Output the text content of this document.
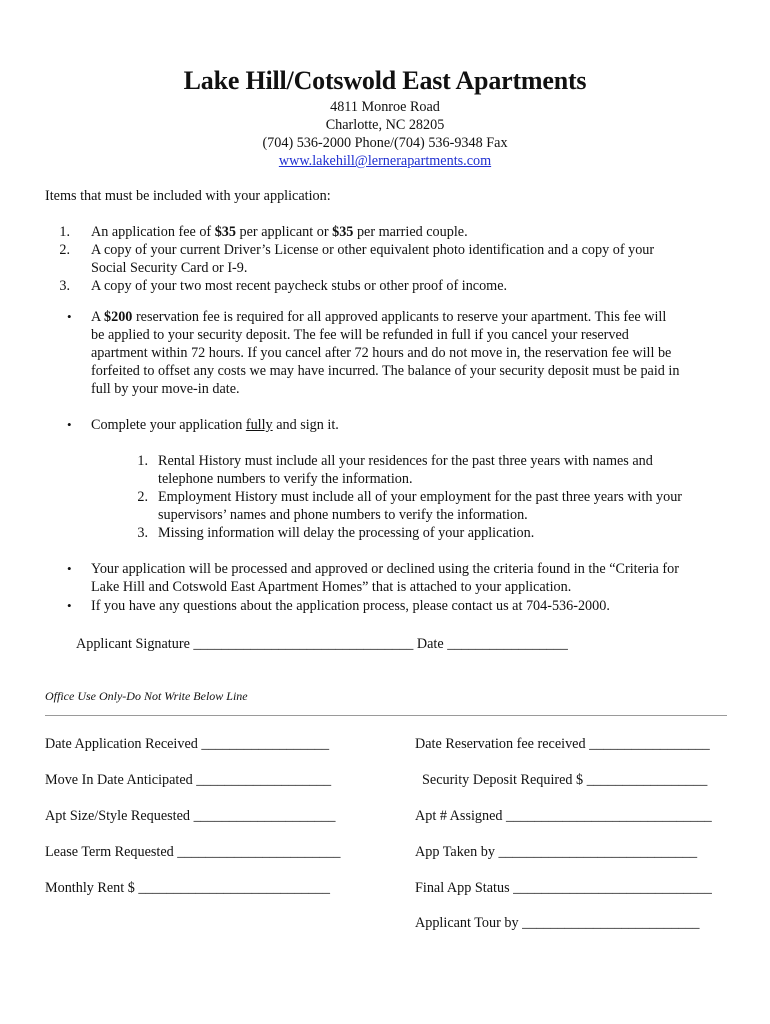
Lake Hill/Cotswold East Apartments
4811 Monroe Road
Charlotte, NC 28205
(704) 536-2000 Phone/(704) 536-9348 Fax
www.lakehill@lernerapartments.com
Items that must be included with your application:
1. An application fee of $35 per applicant or $35 per married couple.
2. A copy of your current Driver’s License or other equivalent photo identification and a copy of your
Social Security Card or I-9.
3. A copy of your two most recent paycheck stubs or other proof of income.
• A $200 reservation fee is required for all approved applicants to reserve your apartment. This fee will
be applied to your security deposit. The fee will be refunded in full if you cancel your reserved
apartment within 72 hours. If you cancel after 72 hours and do not move in, the reservation fee will be
forfeited to offset any costs we may have incurred. The balance of your security deposit must be paid in
full by your move-in date.
• Complete your application fully and sign it.
1. Rental History must include all your residences for the past three years with names and
telephone numbers to verify the information.
2. Employment History must include all of your employment for the past three years with your
supervisors’ names and phone numbers to verify the information.
3. Missing information will delay the processing of your application.
• Your application will be processed and approved or declined using the criteria found in the “Criteria for
Lake Hill and Cotswold East Apartment Homes” that is attached to your application.
• If you have any questions about the application process, please contact us at 704-536-2000.
Applicant Signature _______________________________ Date _________________
Office Use Only-Do Not Write Below Line
Date Application Received __________________
Move In Date Anticipated ___________________
Apt Size/Style Requested ____________________
Lease Term Requested _______________________
Monthly Rent $ ___________________________
Date Reservation fee received _________________
Security Deposit Required $ _________________
Apt # Assigned _____________________________
App Taken by ____________________________
Final App Status ____________________________
Applicant Tour by _________________________
